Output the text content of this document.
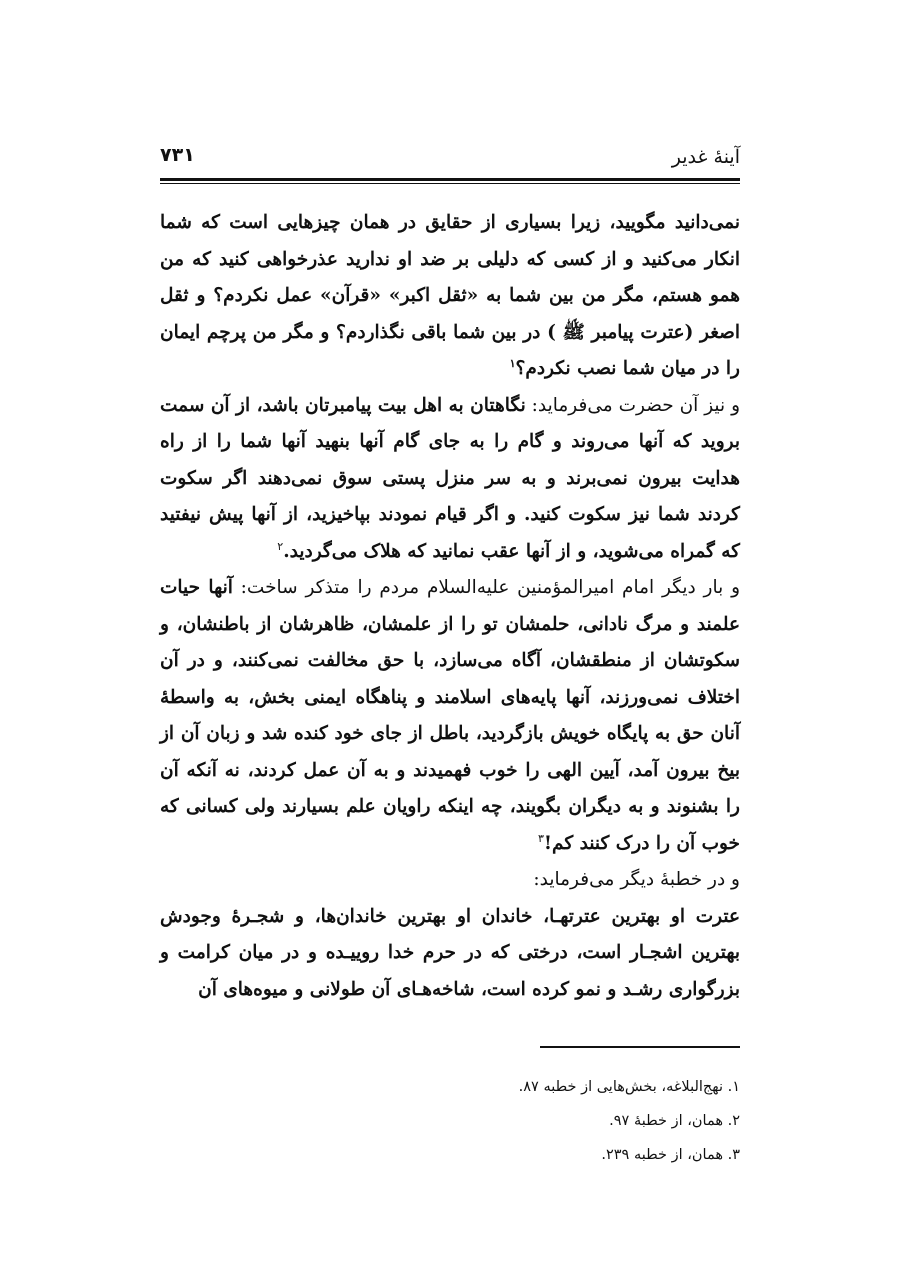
آینهٔ غدیر
۷۳۱

نمی‌دانید مگویید، زیرا بسیاری از حقایق در همان چیزهایی است که شما انکار می‌کنید و از کسی که دلیلی بر ضد او ندارید عذرخواهی کنید که من همو هستم، مگر من بین شما به «ثقل اکبر» «قرآن» عمل نکردم؟ و ثقل اصغر (عترت پیامبر ﷺ ) در بین شما باقی نگذاردم؟ و مگر من پرچم ایمان را در میان شما نصب نکردم؟$^۱$

و نیز آن حضرت می‌فرماید: نگاهتان به اهل بیت پیامبرتان باشد، از آن سمت بروید که آنها می‌روند و گام را به جای گام آنها بنهید آنها شما را از راه هدایت بیرون نمی‌برند و به سر منزل پستی سوق نمی‌دهند اگر سکوت کردند شما نیز سکوت کنید. و اگر قیام نمودند بپاخیزید، از آنها پیش نیفتید که گمراه می‌شوید، و از آنها عقب نمانید که هلاک می‌گردید.$^۲$

و بار دیگر امام امیرالمؤمنین علیه‌السلام مردم را متذکر ساخت: آنها حیات علمند و مرگ نادانی، حلمشان تو را از علمشان، ظاهرشان از باطنشان، و سکوتشان از منطقشان، آگاه می‌سازد، با حق مخالفت نمی‌کنند، و در آن اختلاف نمی‌ورزند، آنها پایه‌های اسلامند و پناهگاه ایمنی بخش، به واسطهٔ آنان حق به پایگاه خویش بازگردید، باطل از جای خود کنده شد و زبان آن از بیخ بیرون آمد، آیین الهی را خوب فهمیدند و به آن عمل کردند، نه آنکه آن را بشنوند و به دیگران بگویند، چه اینکه راویان علم بسیارند ولی کسانی که خوب آن را درک کنند کم!$^۳$

و در خطبهٔ دیگر می‌فرماید:

عترت او بهترین عترتهـا، خاندان او بهترین خاندان‌ها، و شجـرهٔ وجودش بهترین اشجـار است، درختی که در حرم خدا روییـده و در میان کرامت و بزرگواری رشـد و نمو کرده است، شاخه‌هـای آن طولانی و میوه‌های آن

۱. نهج‌البلاغه، بخش‌هایی از خطبه ۸۷.

۲. همان، از خطبهٔ ۹۷.

۳. همان، از خطبه ۲۳۹.
